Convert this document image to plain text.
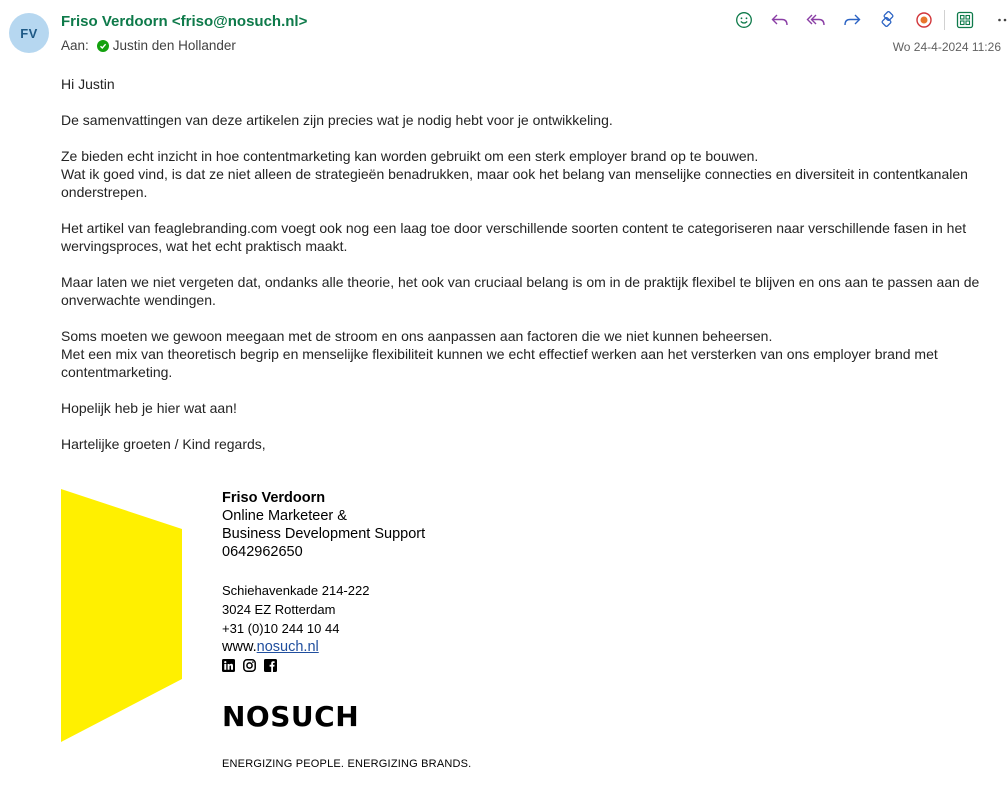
FV
Friso Verdoorn <friso@nosuch.nl>
Aan: Justin den Hollander	Wo 24-4-2024 11:26

Hi Justin

De samenvattingen van deze artikelen zijn precies wat je nodig hebt voor je ontwikkeling.

Ze bieden echt inzicht in hoe contentmarketing kan worden gebruikt om een sterk employer brand op te bouwen.
Wat ik goed vind, is dat ze niet alleen de strategieën benadrukken, maar ook het belang van menselijke connecties en diversiteit in contentkanalen onderstrepen.

Het artikel van feaglebranding.com voegt ook nog een laag toe door verschillende soorten content te categoriseren naar verschillende fasen in het wervingsproces, wat het echt praktisch maakt.

Maar laten we niet vergeten dat, ondanks alle theorie, het ook van cruciaal belang is om in de praktijk flexibel te blijven en ons aan te passen aan de onverwachte wendingen.

Soms moeten we gewoon meegaan met de stroom en ons aanpassen aan factoren die we niet kunnen beheersen.
Met een mix van theoretisch begrip en menselijke flexibiliteit kunnen we echt effectief werken aan het versterken van ons employer brand met contentmarketing.

Hopelijk heb je hier wat aan!

Hartelijke groeten / Kind regards,

Friso Verdoorn
Online Marketeer &
Business Development Support
0642962650
Schiehavenkade 214-222
3024 EZ Rotterdam
+31 (0)10 244 10 44
www.nosuch.nl
NOSUCH
ENERGIZING PEOPLE. ENERGIZING BRANDS.
